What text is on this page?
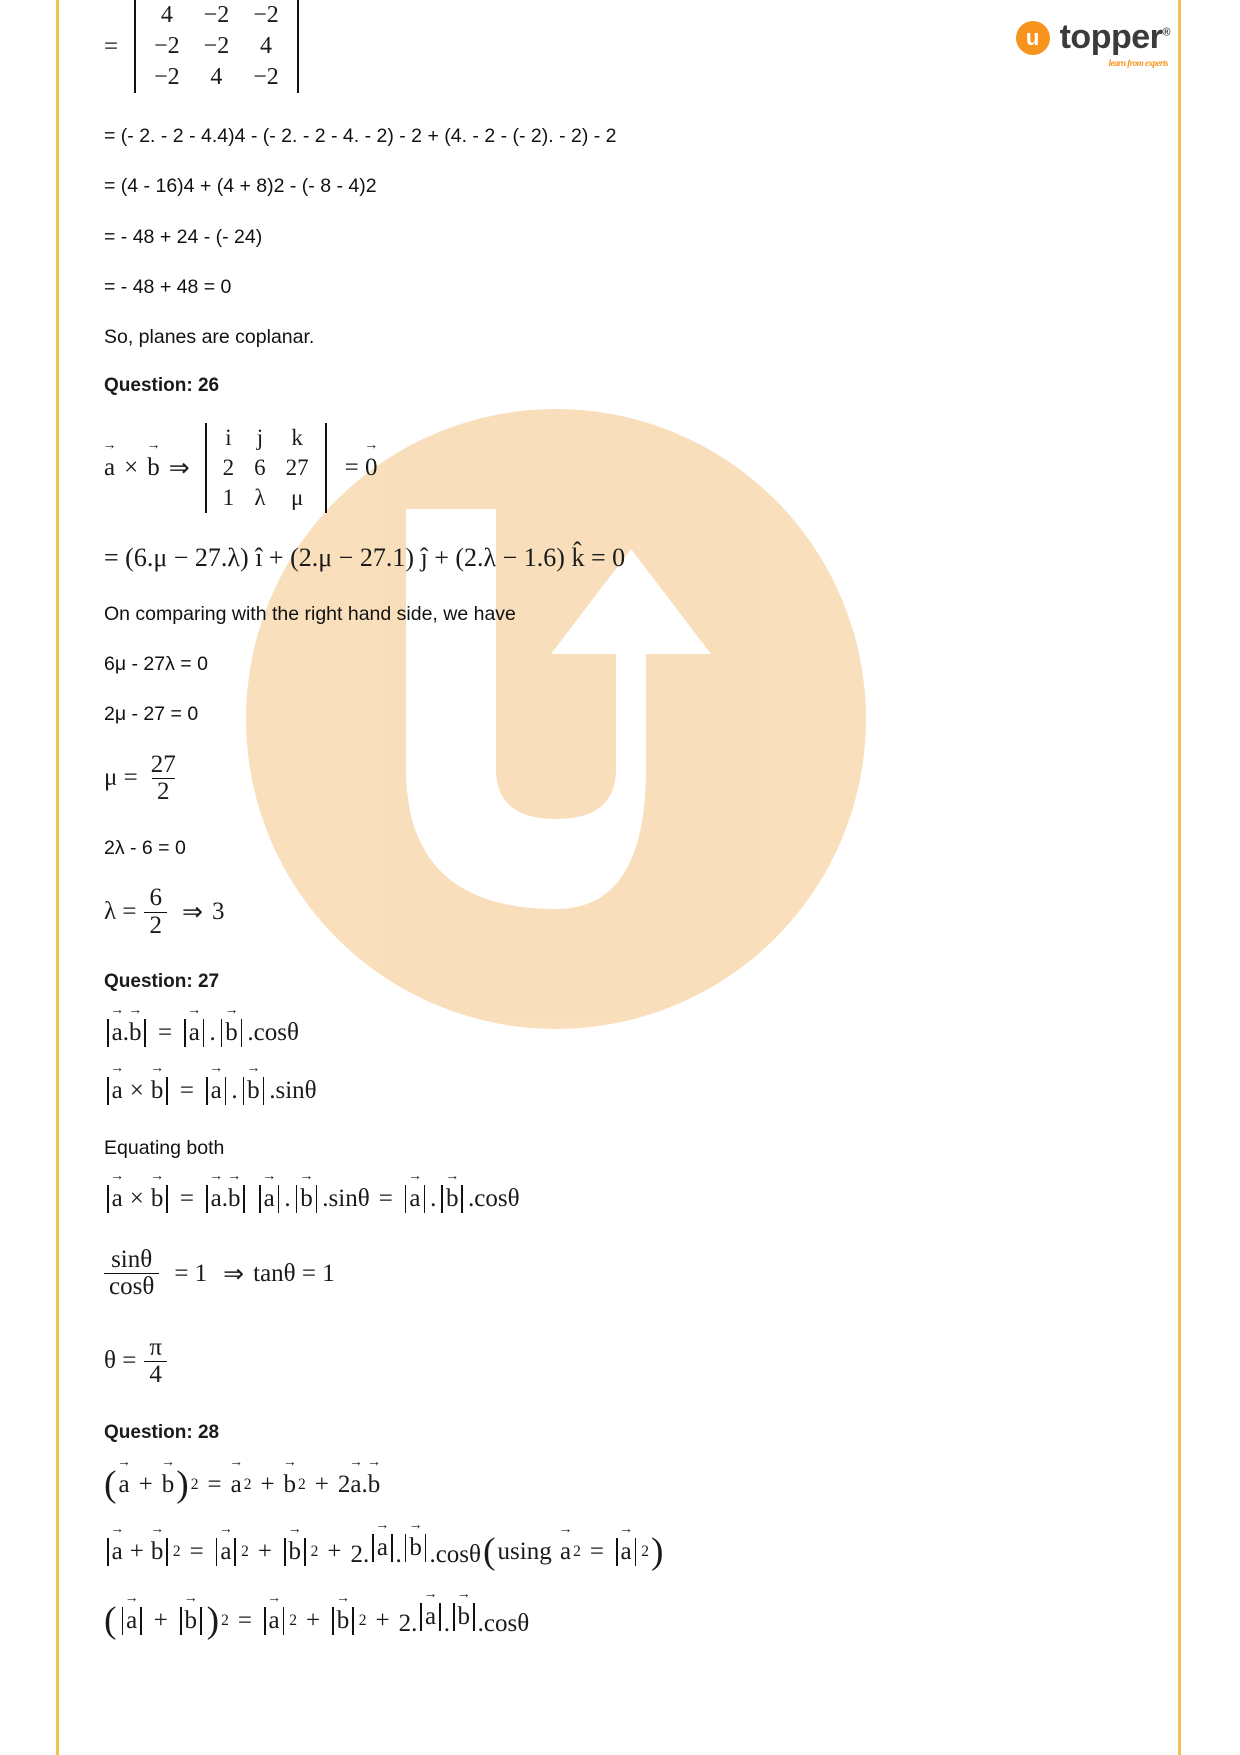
u topper®
learn from experts
=
4	−2	−2
−2	−2	4
−2	4	−2

= (- 2. - 2 - 4.4)4 - (- 2. - 2 - 4. - 2) - 2 + (4. - 2 - (- 2). - 2) - 2

= (4 - 16)4 + (4 + 8)2 - (- 8 - 4)2

= - 48 + 24 - (- 24)

= - 48 + 48 = 0

So, planes are coplanar.

Question: 26

a → × b → ⇒
i	j	k
2	6	27
1	λ	μ
= 0 →
= (6.μ − 27.λ) î + (2.μ − 27.1) ĵ + (2.λ − 1.6) k̂ = 0

On comparing with the right hand side, we have

6μ - 27λ = 0

2μ - 27 = 0

$\mu = \frac{27}{2}$

2λ - 6 = 0

$\lambda = \frac{6}{2}$ ⇒ 3

Question: 27

a → . b → = a → . b → .cosθ
a → × b → = a → . b → .sinθ

Equating both

a → × b → = a → . b → a → . b → .sinθ = a → . b → .cosθ
$\frac{\sin\theta}{\cos\theta} = 1$ ⇒ tanθ = 1
$\theta = \frac{\pi}{4}$

Question: 28

( a → + b → ) 2 = a → 2 + b → 2 + 2a →.b →
a → + b → 2 = a → 2 + b → 2 + 2. a → . b → .cosθ ( using a → 2 = a → 2 )
( a → + b → ) 2 = a → 2 + b → 2 + 2. a → . b → .cosθ
